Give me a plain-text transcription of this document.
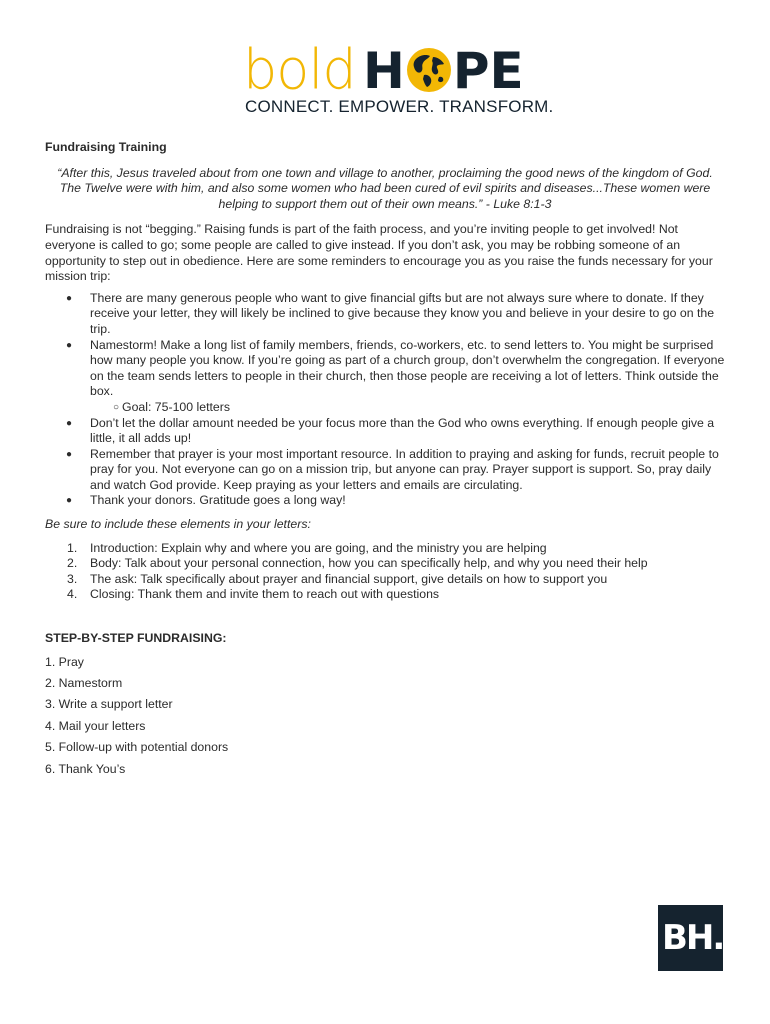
bold H PE
CONNECT. EMPOWER. TRANSFORM.
Fundraising Training
“After this, Jesus traveled about from one town and village to another, proclaiming the good news of the kingdom of God. The Twelve were with him, and also some women who had been cured of evil spirits and diseases...These women were helping to support them out of their own means.” - Luke 8:1-3
Fundraising is not “begging.” Raising funds is part of the faith process, and you’re inviting people to get involved! Not everyone is called to go; some people are called to give instead. If you don’t ask, you may be robbing someone of an opportunity to step out in obedience. Here are some reminders to encourage you as you raise the funds necessary for your mission trip:
● There are many generous people who want to give financial gifts but are not always sure where to donate. If they receive your letter, they will likely be inclined to give because they know you and believe in your desire to go on the trip.
● Namestorm! Make a long list of family members, friends, co-workers, etc. to send letters to. You might be surprised how many people you know. If you’re going as part of a church group, don’t overwhelm the congregation. If everyone on the team sends letters to people in their church, then those people are receiving a lot of letters. Think outside the box.
○ Goal: 75-100 letters
● Don’t let the dollar amount needed be your focus more than the God who owns everything. If enough people give a little, it all adds up!
● Remember that prayer is your most important resource. In addition to praying and asking for funds, recruit people to pray for you. Not everyone can go on a mission trip, but anyone can pray. Prayer support is support. So, pray daily and watch God provide. Keep praying as your letters and emails are circulating.
● Thank your donors. Gratitude goes a long way!
Be sure to include these elements in your letters:
1. Introduction: Explain why and where you are going, and the ministry you are helping
2. Body: Talk about your personal connection, how you can specifically help, and why you need their help
3. The ask: Talk specifically about prayer and financial support, give details on how to support you
4. Closing: Thank them and invite them to reach out with questions
STEP-BY-STEP FUNDRAISING:
1. Pray
2. Namestorm
3. Write a support letter
4. Mail your letters
5. Follow-up with potential donors
6. Thank You’s
BH.
